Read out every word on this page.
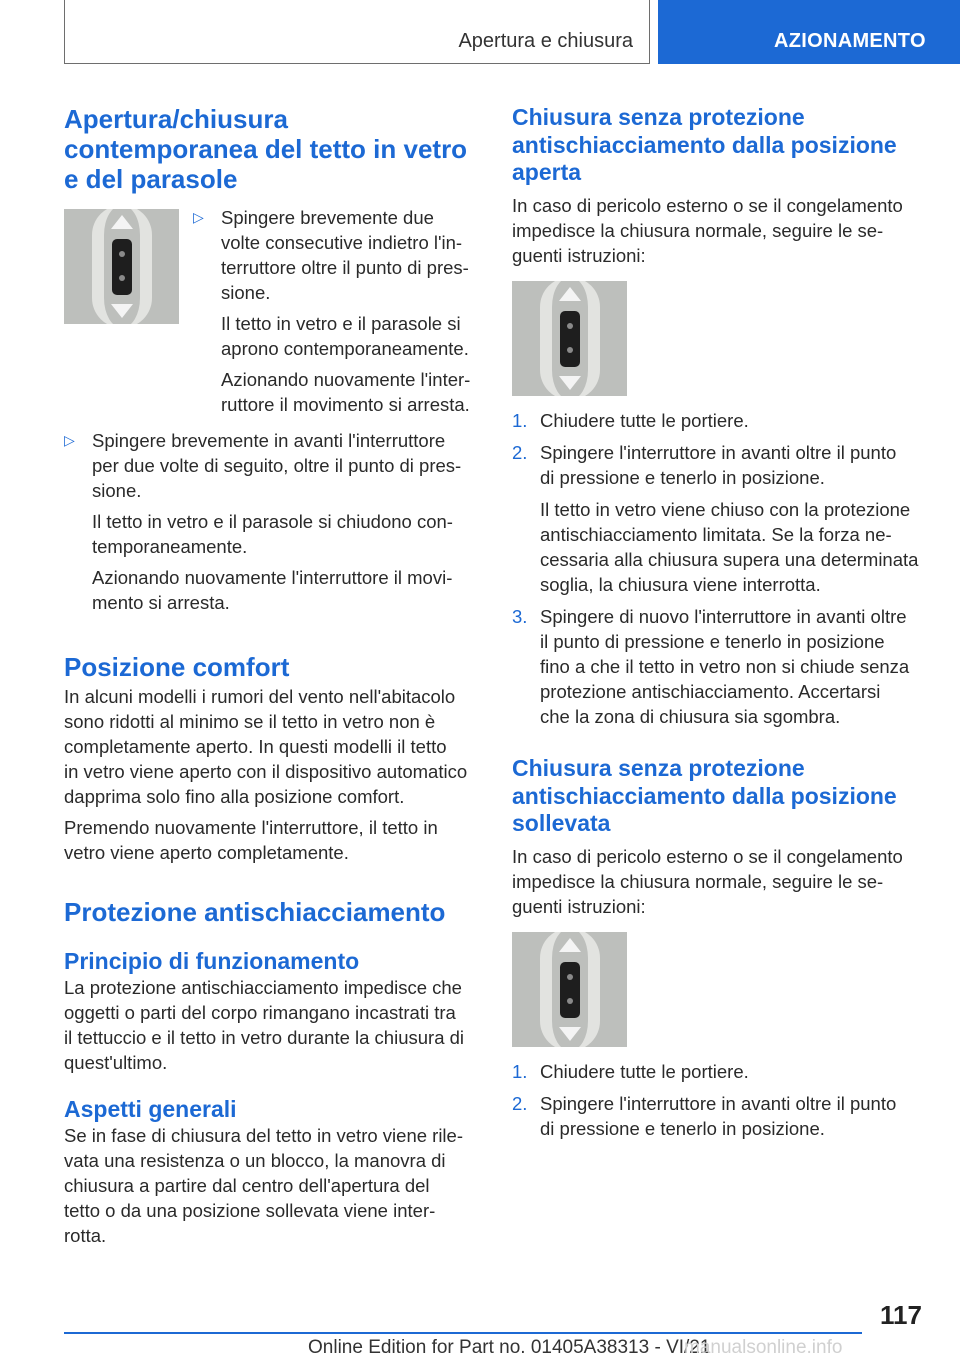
Apertura e chiusura	AZIONAMENTO
Apertura/chiusura
contemporanea del tetto in vetro
e del parasole
▷ Spingere brevemente due
volte consecutive indietro l'in-
terruttore oltre il punto di pres-
sione.
Il tetto in vetro e il parasole si
aprono contemporaneamente.
Azionando nuovamente l'inter-
ruttore il movimento si arresta.
▷ Spingere brevemente in avanti l'interruttore
per due volte di seguito, oltre il punto di pres-
sione.
Il tetto in vetro e il parasole si chiudono con-
temporaneamente.
Azionando nuovamente l'interruttore il movi-
mento si arresta.
Posizione comfort
In alcuni modelli i rumori del vento nell'abitacolo
sono ridotti al minimo se il tetto in vetro non è
completamente aperto. In questi modelli il tetto
in vetro viene aperto con il dispositivo automatico
dapprima solo fino alla posizione comfort.
Premendo nuovamente l'interruttore, il tetto in
vetro viene aperto completamente.
Protezione antischiacciamento
Principio di funzionamento
La protezione antischiacciamento impedisce che
oggetti o parti del corpo rimangano incastrati tra
il tettuccio e il tetto in vetro durante la chiusura di
quest'ultimo.
Aspetti generali
Se in fase di chiusura del tetto in vetro viene rile-
vata una resistenza o un blocco, la manovra di
chiusura a partire dal centro dell'apertura del
tetto o da una posizione sollevata viene inter-
rotta.
Chiusura senza protezione
antischiacciamento dalla posizione
aperta
In caso di pericolo esterno o se il congelamento
impedisce la chiusura normale, seguire le se-
guenti istruzioni:
1. Chiudere tutte le portiere.
2. Spingere l'interruttore in avanti oltre il punto
di pressione e tenerlo in posizione.
Il tetto in vetro viene chiuso con la protezione
antischiacciamento limitata. Se la forza ne-
cessaria alla chiusura supera una determinata
soglia, la chiusura viene interrotta.
3. Spingere di nuovo l'interruttore in avanti oltre
il punto di pressione e tenerlo in posizione
fino a che il tetto in vetro non si chiude senza
protezione antischiacciamento. Accertarsi
che la zona di chiusura sia sgombra.
Chiusura senza protezione
antischiacciamento dalla posizione
sollevata
In caso di pericolo esterno o se il congelamento
impedisce la chiusura normale, seguire le se-
guenti istruzioni:
1. Chiudere tutte le portiere.
2. Spingere l'interruttore in avanti oltre il punto
di pressione e tenerlo in posizione.
117
Online Edition for Part no. 01405A38313 - VI/21
manualsonline.info
